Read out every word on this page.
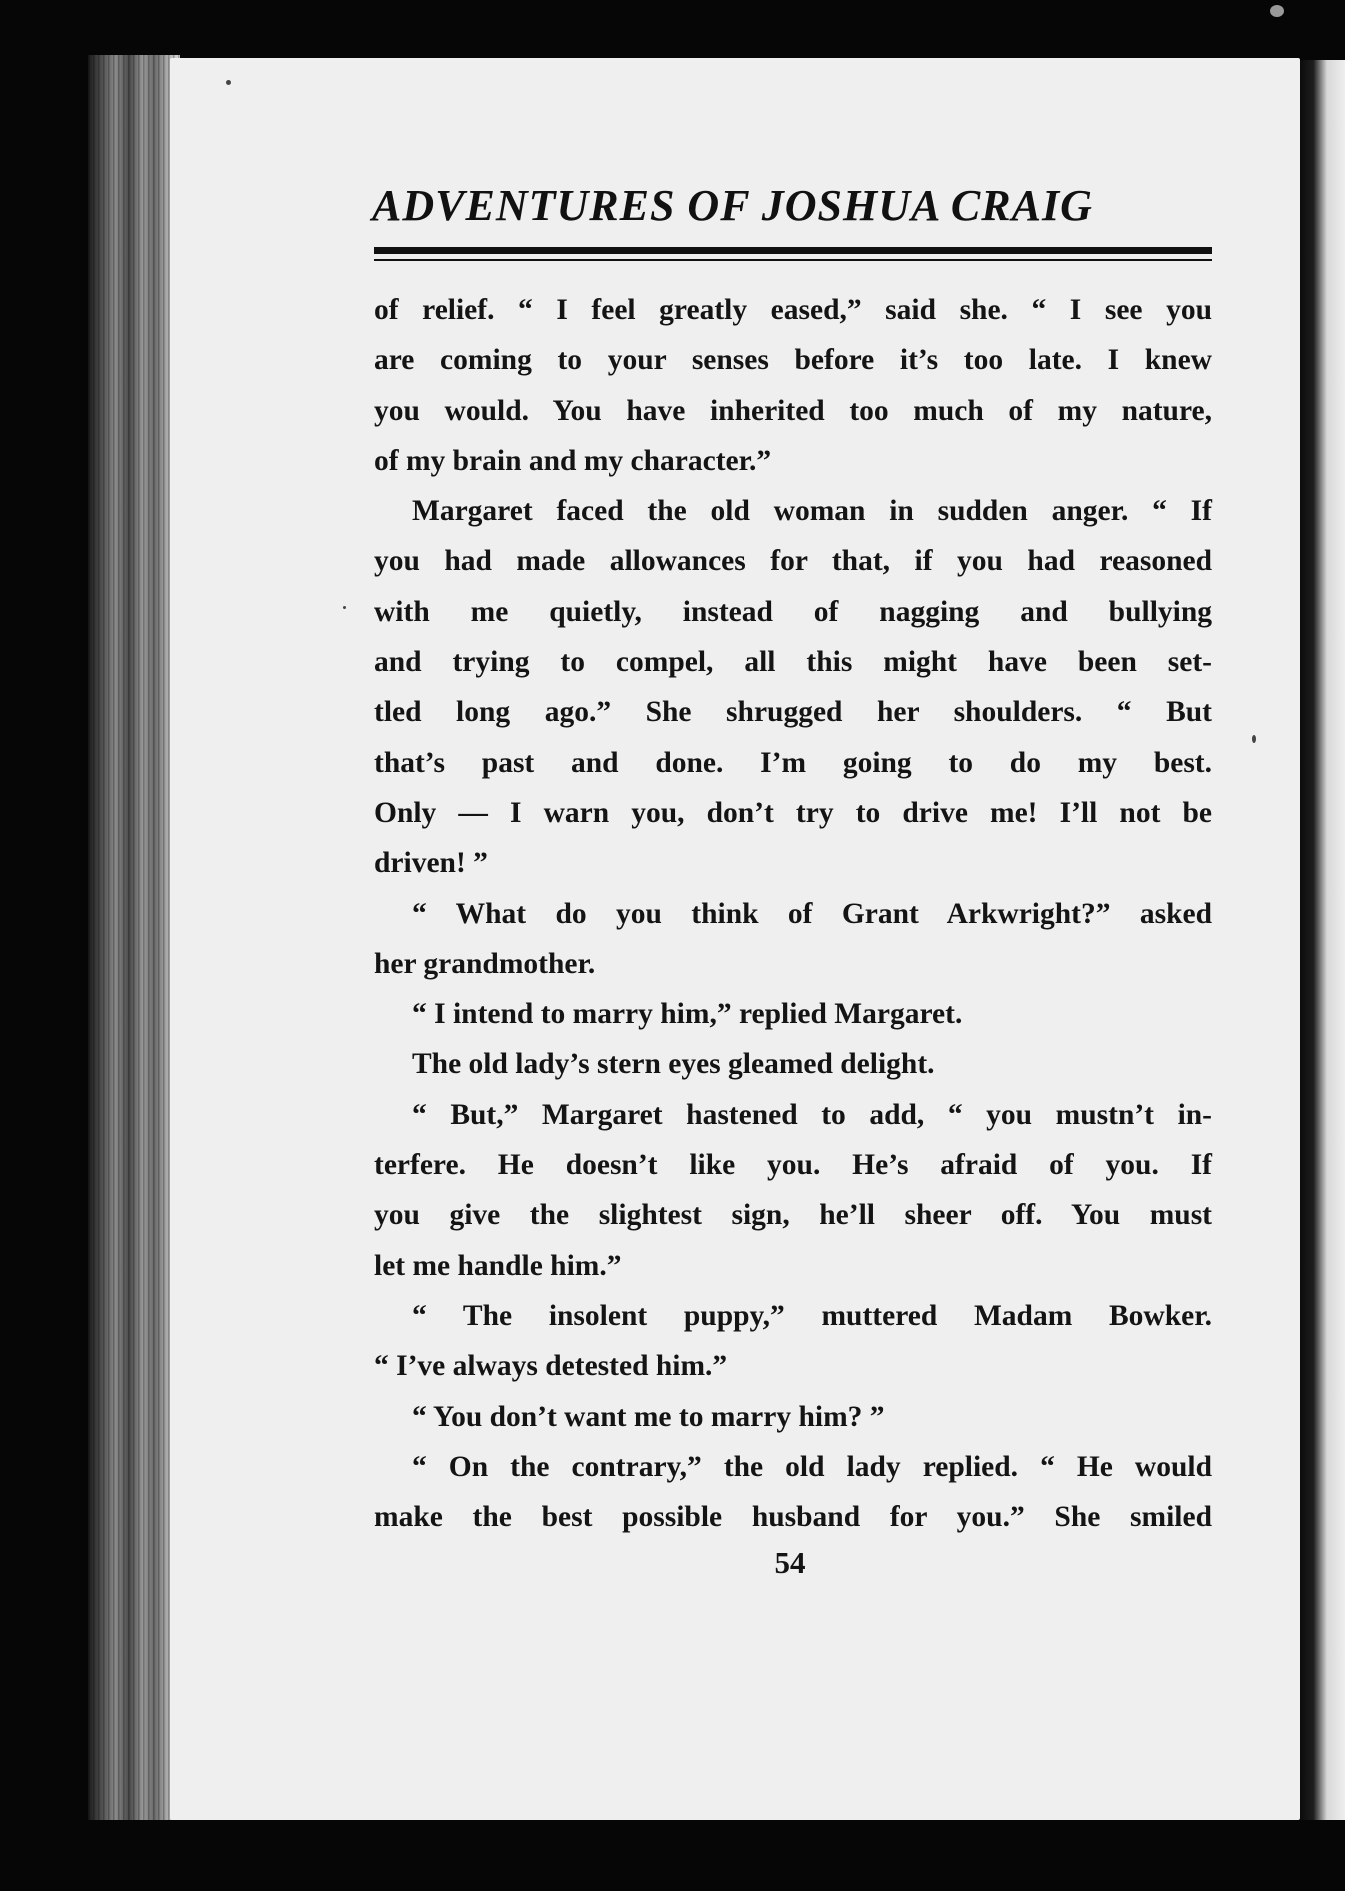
ADVENTURES OF JOSHUA CRAIG
of relief. “ I feel greatly eased,” said she. “ I see you
are coming to your senses before it’s too late. I knew
you would. You have inherited too much of my nature,
of my brain and my character.”
Margaret faced the old woman in sudden anger. “ If
you had made allowances for that, if you had reasoned
with me quietly, instead of nagging and bullying
and trying to compel, all this might have been set-
tled long ago.” She shrugged her shoulders. “ But
that’s past and done. I’m going to do my best.
Only — I warn you, don’t try to drive me! I’ll not be
driven! ”
“ What do you think of Grant Arkwright?” asked
her grandmother.
“ I intend to marry him,” replied Margaret.
The old lady’s stern eyes gleamed delight.
“ But,” Margaret hastened to add, “ you mustn’t in-
terfere. He doesn’t like you. He’s afraid of you. If
you give the slightest sign, he’ll sheer off. You must
let me handle him.”
“ The insolent puppy,” muttered Madam Bowker.
“ I’ve always detested him.”
“ You don’t want me to marry him? ”
“ On the contrary,” the old lady replied. “ He would
make the best possible husband for you.” She smiled
54
